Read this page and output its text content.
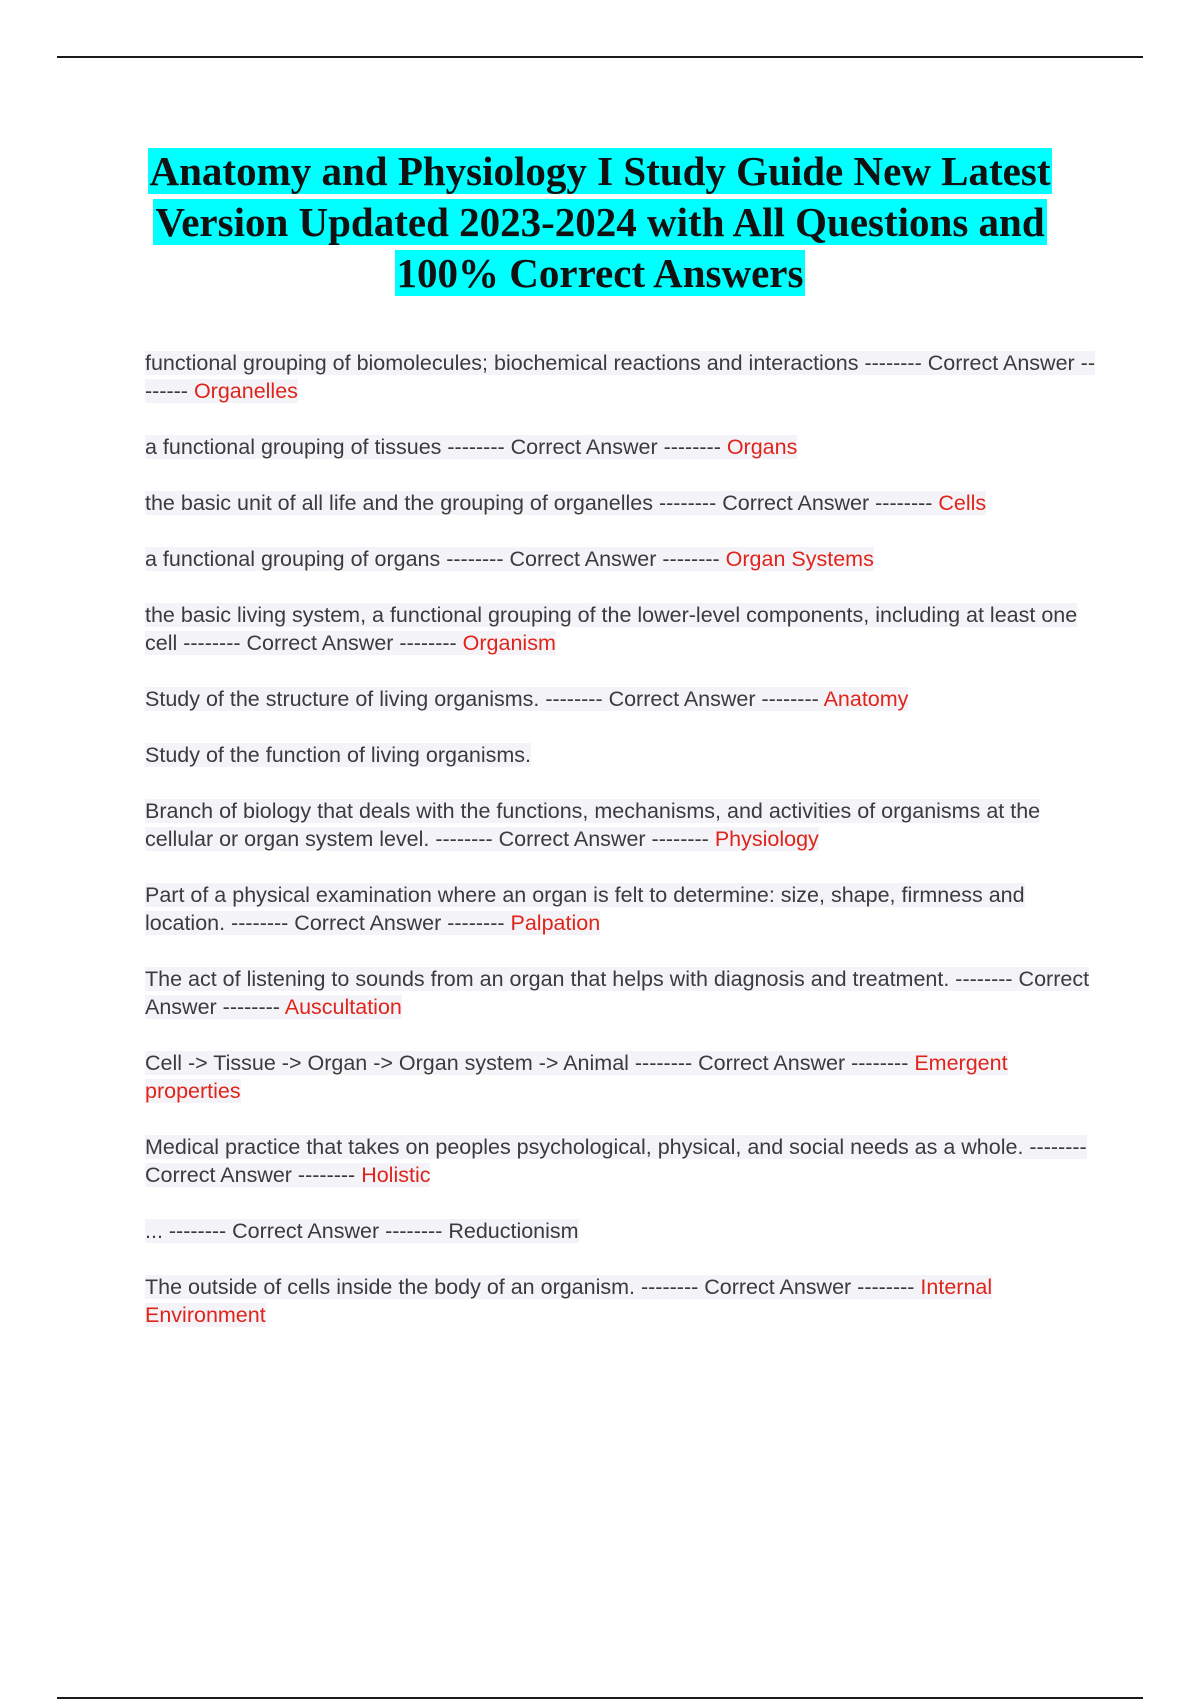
Anatomy and Physiology I Study Guide New Latest Version Updated 2023-2024 with All Questions and 100% Correct Answers

functional grouping of biomolecules; biochemical reactions and interactions -------- Correct Answer -------- Organelles

a functional grouping of tissues -------- Correct Answer -------- Organs

the basic unit of all life and the grouping of organelles -------- Correct Answer -------- Cells

a functional grouping of organs -------- Correct Answer -------- Organ Systems

the basic living system, a functional grouping of the lower-level components, including at least one cell -------- Correct Answer -------- Organism

Study of the structure of living organisms. -------- Correct Answer -------- Anatomy

Study of the function of living organisms.

Branch of biology that deals with the functions, mechanisms, and activities of organisms at the cellular or organ system level. -------- Correct Answer -------- Physiology

Part of a physical examination where an organ is felt to determine: size, shape, firmness and location. -------- Correct Answer -------- Palpation

The act of listening to sounds from an organ that helps with diagnosis and treatment. -------- Correct Answer -------- Auscultation

Cell -> Tissue -> Organ -> Organ system -> Animal -------- Correct Answer -------- Emergent properties

Medical practice that takes on peoples psychological, physical, and social needs as a whole. -------- Correct Answer -------- Holistic

... -------- Correct Answer -------- Reductionism

The outside of cells inside the body of an organism. -------- Correct Answer -------- Internal Environment
